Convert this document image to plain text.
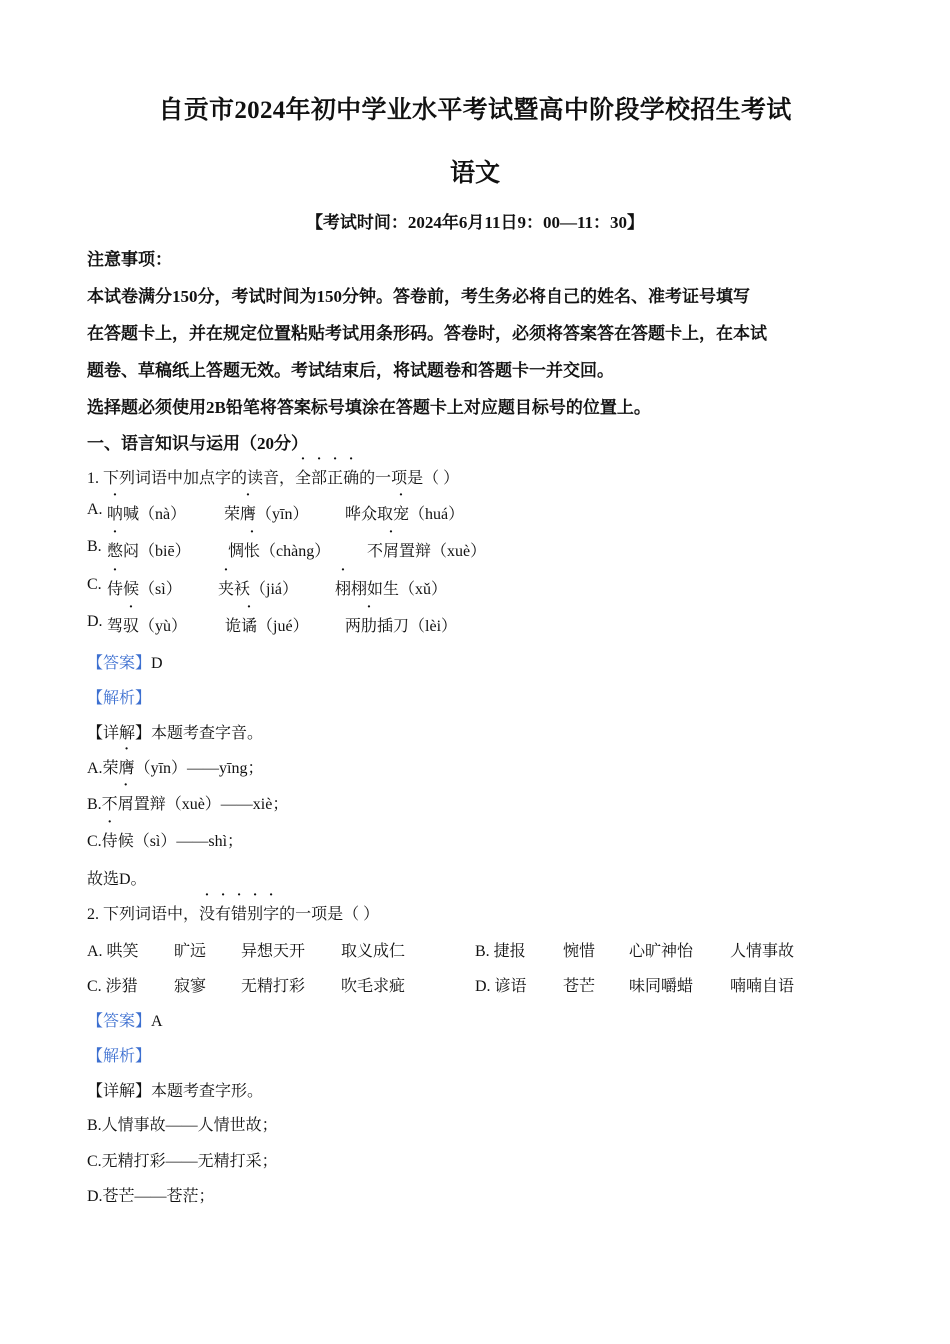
自贡市2024年初中学业水平考试暨高中阶段学校招生考试
语文
【考试时间：2024年6月11日9：00—11：30】
注意事项：
本试卷满分150分，考试时间为150分钟。答卷前，考生务必将自己的姓名、准考证号填写
在答题卡上，并在规定位置粘贴考试用条形码。答卷时，必须将答案答在答题卡上，在本试
题卷、草稿纸上答题无效。考试结束后，将试题卷和答题卡一并交回。
选择题必须使用2B铅笔将答案标号填涂在答题卡上对应题目标号的位置上。
一、语言知识与运用（20分）
1. 下列词语中加点字的读音，全部正确的一项是（ ）
A. 呐喊（nà） 荣膺（yīn） 哗众取宠（huá）
B. 憋闷（biē） 惆怅（chàng） 不屑置辩（xuè）
C. 侍候（sì） 夹袄（jiá） 栩栩如生（xǔ）
D. 驾驭（yù） 诡谲（jué） 两肋插刀（lèi）
【答案】D
【解析】
【详解】本题考查字音。
A.荣膺（yīn）——yīng；
B.不屑置辩（xuè）——xiè；
C.侍候（sì）——shì；
故选D。
2. 下列词语中，没有错别字的一项是（ ）
A. 哄笑 旷远 异想天开 取义成仁	B. 捷报 惋惜 心旷神怡 人情事故
C. 涉猎 寂寥 无精打彩 吹毛求疵	D. 谚语 苍芒 味同嚼蜡 喃喃自语
【答案】A
【解析】
【详解】本题考查字形。
B.人情事故——人情世故；
C.无精打彩——无精打采；
D.苍芒——苍茫；
